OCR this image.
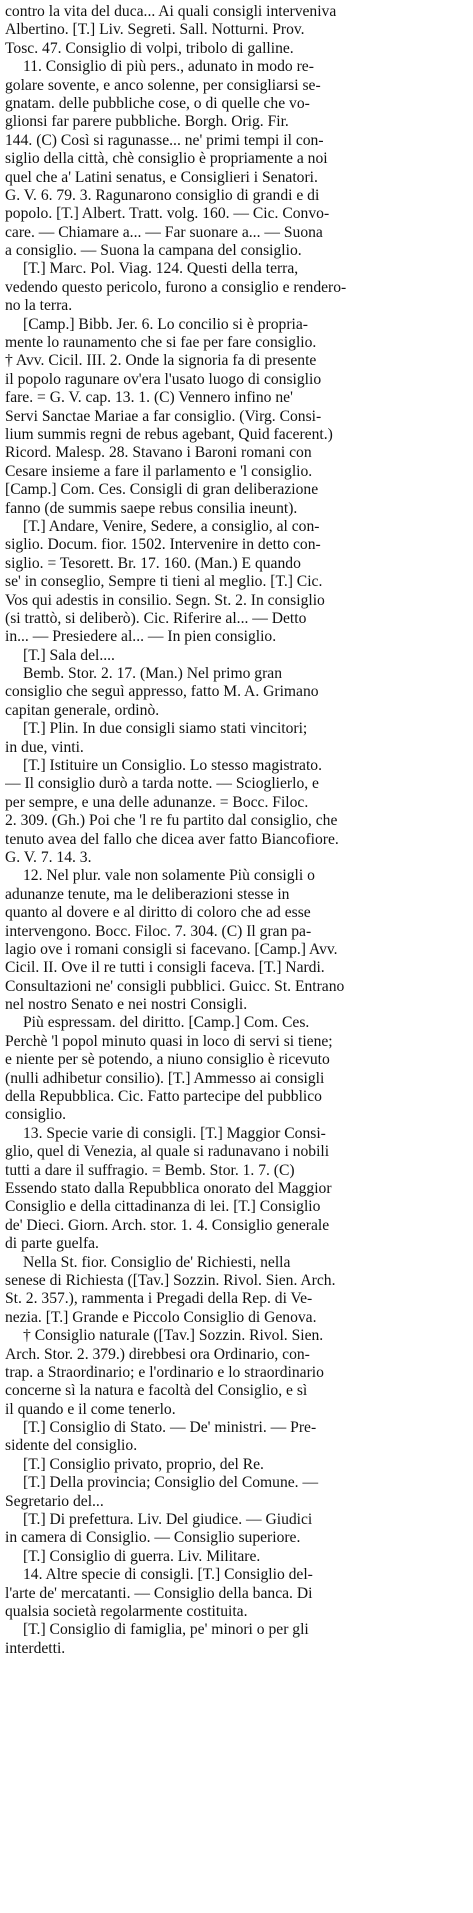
contro la vita del duca... Ai quali consigli interveniva
Albertino. [T.] Liv. Segreti. Sall. Notturni. Prov.
Tosc. 47. Consiglio di volpi, tribolo di galline.
11. Consiglio di più pers., adunato in modo re-
golare sovente, e anco solenne, per consigliarsi se-
gnatam. delle pubbliche cose, o di quelle che vo-
glionsi far parere pubbliche. Borgh. Orig. Fir.
144. (C) Così si ragunasse... ne' primi tempi il con-
siglio della città, chè consiglio è propriamente a noi
quel che a' Latini senatus, e Consiglieri i Senatori.
G. V. 6. 79. 3. Ragunarono consiglio di grandi e di
popolo. [T.] Albert. Tratt. volg. 160. — Cic. Convo-
care. — Chiamare a... — Far suonare a... — Suona
a consiglio. — Suona la campana del consiglio.
[T.] Marc. Pol. Viag. 124. Questi della terra,
vedendo questo pericolo, furono a consiglio e rendero-
no la terra.
[Camp.] Bibb. Jer. 6. Lo concilio si è propria-
mente lo raunamento che si fae per fare consiglio.
† Avv. Cicil. III. 2. Onde la signoria fa di presente
il popolo ragunare ov'era l'usato luogo di consiglio
fare. = G. V. cap. 13. 1. (C) Vennero infino ne'
Servi Sanctae Mariae a far consiglio. (Virg. Consi-
lium summis regni de rebus agebant, Quid facerent.)
Ricord. Malesp. 28. Stavano i Baroni romani con
Cesare insieme a fare il parlamento e 'l consiglio.
[Camp.] Com. Ces. Consigli di gran deliberazione
fanno (de summis saepe rebus consilia ineunt).
[T.] Andare, Venire, Sedere, a consiglio, al con-
siglio. Docum. fior. 1502. Intervenire in detto con-
siglio. = Tesorett. Br. 17. 160. (Man.) E quando
se' in conseglio, Sempre ti tieni al meglio. [T.] Cic.
Vos qui adestis in consilio. Segn. St. 2. In consiglio
(si trattò, si deliberò). Cic. Riferire al... — Detto
in... — Presiedere al... — In pien consiglio.
[T.] Sala del....
Bemb. Stor. 2. 17. (Man.) Nel primo gran
consiglio che seguì appresso, fatto M. A. Grimano
capitan generale, ordinò.
[T.] Plin. In due consigli siamo stati vincitori;
in due, vinti.
[T.] Istituire un Consiglio. Lo stesso magistrato.
— Il consiglio durò a tarda notte. — Scioglierlo, e
per sempre, e una delle adunanze. = Bocc. Filoc.
2. 309. (Gh.) Poi che 'l re fu partito dal consiglio, che
tenuto avea del fallo che dicea aver fatto Biancofiore.
G. V. 7. 14. 3.
12. Nel plur. vale non solamente Più consigli o
adunanze tenute, ma le deliberazioni stesse in
quanto al dovere e al diritto di coloro che ad esse
intervengono. Bocc. Filoc. 7. 304. (C) Il gran pa-
lagio ove i romani consigli si facevano. [Camp.] Avv.
Cicil. II. Ove il re tutti i consigli faceva. [T.] Nardi.
Consultazioni ne' consigli pubblici. Guicc. St. Entrano
nel nostro Senato e nei nostri Consigli.
Più espressam. del diritto. [Camp.] Com. Ces.
Perchè 'l popol minuto quasi in loco di servi si tiene;
e niente per sè potendo, a niuno consiglio è ricevuto
(nulli adhibetur consilio). [T.] Ammesso ai consigli
della Repubblica. Cic. Fatto partecipe del pubblico
consiglio.
13. Specie varie di consigli. [T.] Maggior Consi-
glio, quel di Venezia, al quale si radunavano i nobili
tutti a dare il suffragio. = Bemb. Stor. 1. 7. (C)
Essendo stato dalla Repubblica onorato del Maggior
Consiglio e della cittadinanza di lei. [T.] Consiglio
de' Dieci. Giorn. Arch. stor. 1. 4. Consiglio generale
di parte guelfa.
Nella St. fior. Consiglio de' Richiesti, nella
senese di Richiesta ([Tav.] Sozzin. Rivol. Sien. Arch.
St. 2. 357.), rammenta i Pregadi della Rep. di Ve-
nezia. [T.] Grande e Piccolo Consiglio di Genova.
† Consiglio naturale ([Tav.] Sozzin. Rivol. Sien.
Arch. Stor. 2. 379.) direbbesi ora Ordinario, con-
trap. a Straordinario; e l'ordinario e lo straordinario
concerne sì la natura e facoltà del Consiglio, e sì
il quando e il come tenerlo.
[T.] Consiglio di Stato. — De' ministri. — Pre-
sidente del consiglio.
[T.] Consiglio privato, proprio, del Re.
[T.] Della provincia; Consiglio del Comune. —
Segretario del...
[T.] Di prefettura. Liv. Del giudice. — Giudici
in camera di Consiglio. — Consiglio superiore.
[T.] Consiglio di guerra. Liv. Militare.
14. Altre specie di consigli. [T.] Consiglio del-
l'arte de' mercatanti. — Consiglio della banca. Di
qualsia società regolarmente costituita.
[T.] Consiglio di famiglia, pe' minori o per gli
interdetti.
